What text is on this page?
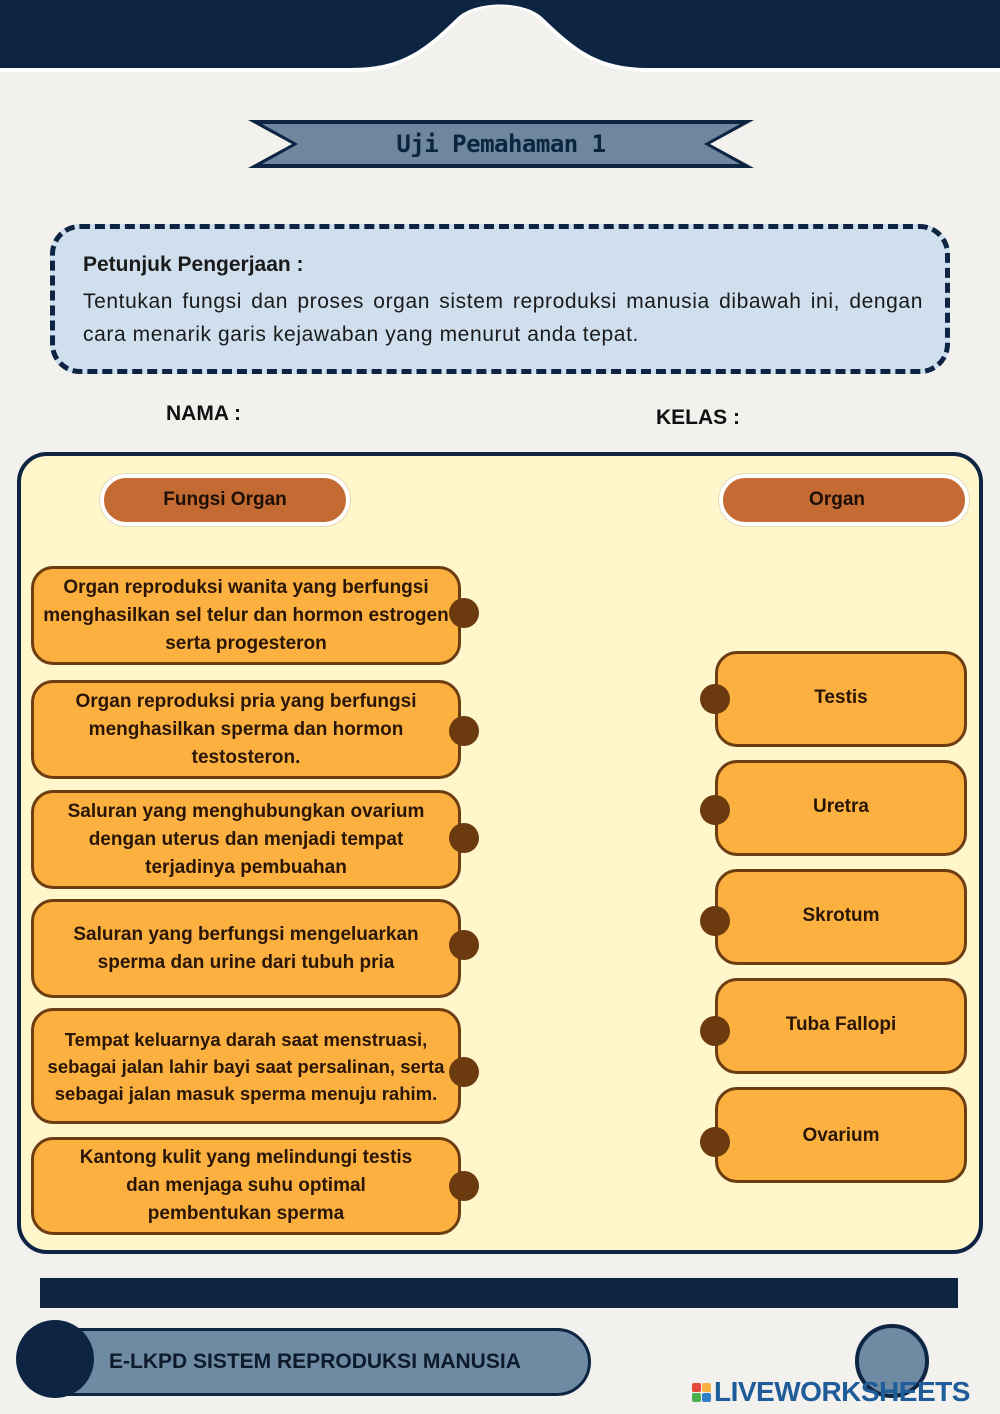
Uji Pemahaman 1
Petunjuk Pengerjaan :
Tentukan fungsi dan proses organ sistem reproduksi manusia dibawah ini, dengan cara menarik garis kejawaban yang menurut anda tepat.
NAMA :	KELAS :
Fungsi Organ	Organ
Organ reproduksi wanita yang berfungsi menghasilkan sel telur dan hormon estrogen serta progesteron
Organ reproduksi pria yang berfungsi menghasilkan sperma dan hormon testosteron.
Saluran yang menghubungkan ovarium dengan uterus dan menjadi tempat terjadinya pembuahan
Saluran yang berfungsi mengeluarkan sperma dan urine dari tubuh pria
Tempat keluarnya darah saat menstruasi, sebagai jalan lahir bayi saat persalinan, serta sebagai jalan masuk sperma menuju rahim.
Kantong kulit yang melindungi testis dan menjaga suhu optimal pembentukan sperma
Testis
Uretra
Skrotum
Tuba Fallopi
Ovarium
E-LKPD SISTEM REPRODUKSI MANUSIA
LIVEWORKSHEETS
